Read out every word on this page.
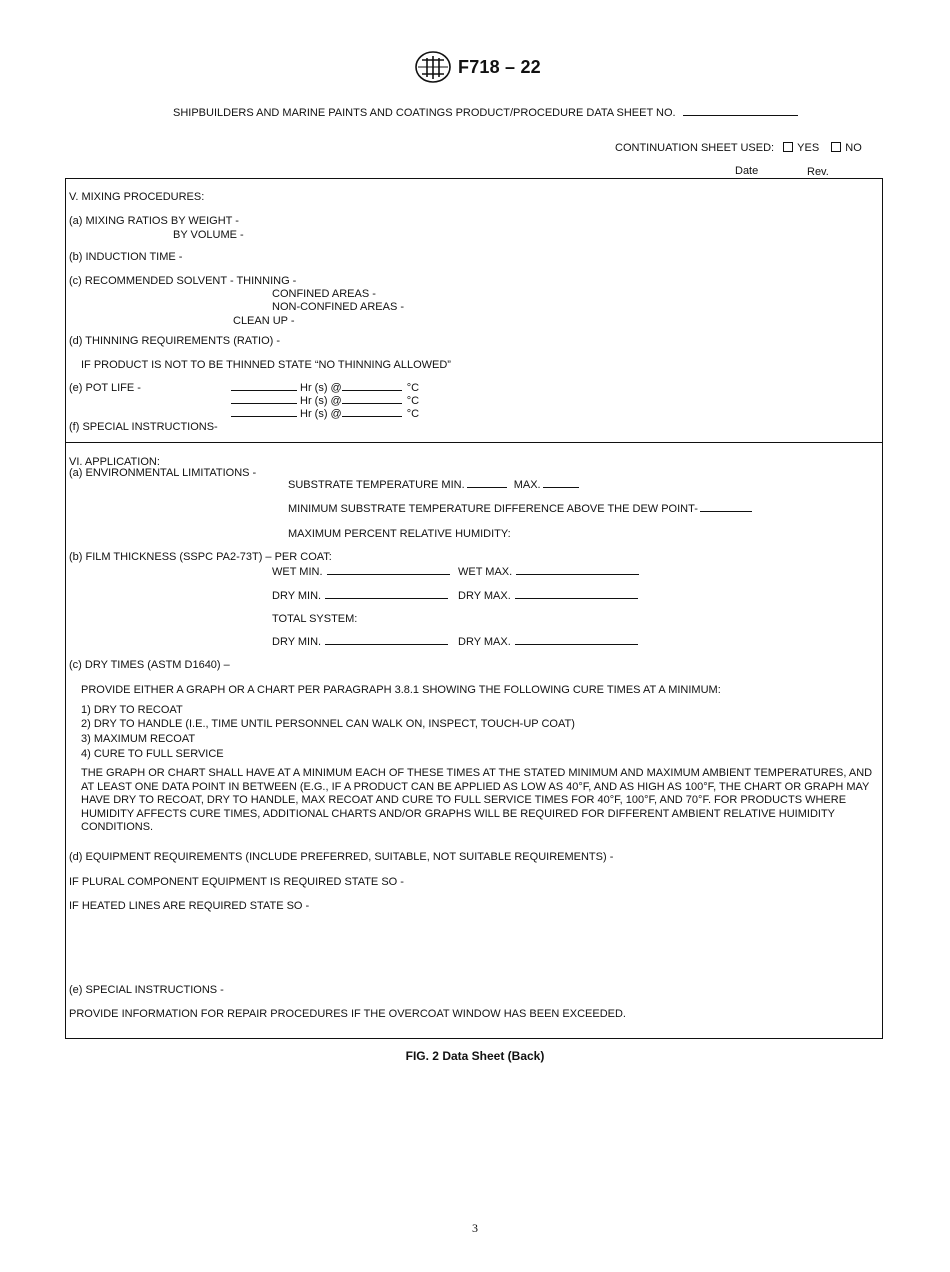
F718 – 22
SHIPBUILDERS AND MARINE PAINTS AND COATINGS PRODUCT/PROCEDURE DATA SHEET NO.
CONTINUATION SHEET USED: YES NO
Date	Rev.
V. MIXING PROCEDURES:
(a) MIXING RATIOS BY WEIGHT -
BY VOLUME -
(b) INDUCTION TIME -
(c) RECOMMENDED SOLVENT - THINNING -
CONFINED AREAS -
NON-CONFINED AREAS -
CLEAN UP -
(d) THINNING REQUIREMENTS (RATIO) -
IF PRODUCT IS NOT TO BE THINNED STATE “NO THINNING ALLOWED”
(e) POT LIFE -	Hr (s) @	°C
Hr (s) @	°C
Hr (s) @	°C
(f) SPECIAL INSTRUCTIONS-
VI. APPLICATION:
(a) ENVIRONMENTAL LIMITATIONS -
SUBSTRATE TEMPERATURE MIN.	MAX.
MINIMUM SUBSTRATE TEMPERATURE DIFFERENCE ABOVE THE DEW POINT-
MAXIMUM PERCENT RELATIVE HUMIDITY:
(b) FILM THICKNESS (SSPC PA2-73T) – PER COAT:
WET MIN.	WET MAX.
DRY MIN.	DRY MAX.
TOTAL SYSTEM:
DRY MIN.	DRY MAX.
(c) DRY TIMES (ASTM D1640) –
PROVIDE EITHER A GRAPH OR A CHART PER PARAGRAPH 3.8.1 SHOWING THE FOLLOWING CURE TIMES AT A MINIMUM:
1) DRY TO RECOAT
2) DRY TO HANDLE (I.E., TIME UNTIL PERSONNEL CAN WALK ON, INSPECT, TOUCH-UP COAT)
3) MAXIMUM RECOAT
4) CURE TO FULL SERVICE
THE GRAPH OR CHART SHALL HAVE AT A MINIMUM EACH OF THESE TIMES AT THE STATED MINIMUM AND MAXIMUM AMBIENT TEMPERATURES, AND AT LEAST ONE DATA POINT IN BETWEEN (E.G., IF A PRODUCT CAN BE APPLIED AS LOW AS 40°F, AND AS HIGH AS 100°F, THE CHART OR GRAPH MAY HAVE DRY TO RECOAT, DRY TO HANDLE, MAX RECOAT AND CURE TO FULL SERVICE TIMES FOR 40°F, 100°F, AND 70°F. FOR PRODUCTS WHERE HUMIDITY AFFECTS CURE TIMES, ADDITIONAL CHARTS AND/OR GRAPHS WILL BE REQUIRED FOR DIFFERENT AMBIENT RELATIVE HUIMIDITY CONDITIONS.
(d) EQUIPMENT REQUIREMENTS (INCLUDE PREFERRED, SUITABLE, NOT SUITABLE REQUIREMENTS) -
IF PLURAL COMPONENT EQUIPMENT IS REQUIRED STATE SO -
IF HEATED LINES ARE REQUIRED STATE SO -
(e) SPECIAL INSTRUCTIONS -
PROVIDE INFORMATION FOR REPAIR PROCEDURES IF THE OVERCOAT WINDOW HAS BEEN EXCEEDED.
FIG. 2 Data Sheet (Back)
3
